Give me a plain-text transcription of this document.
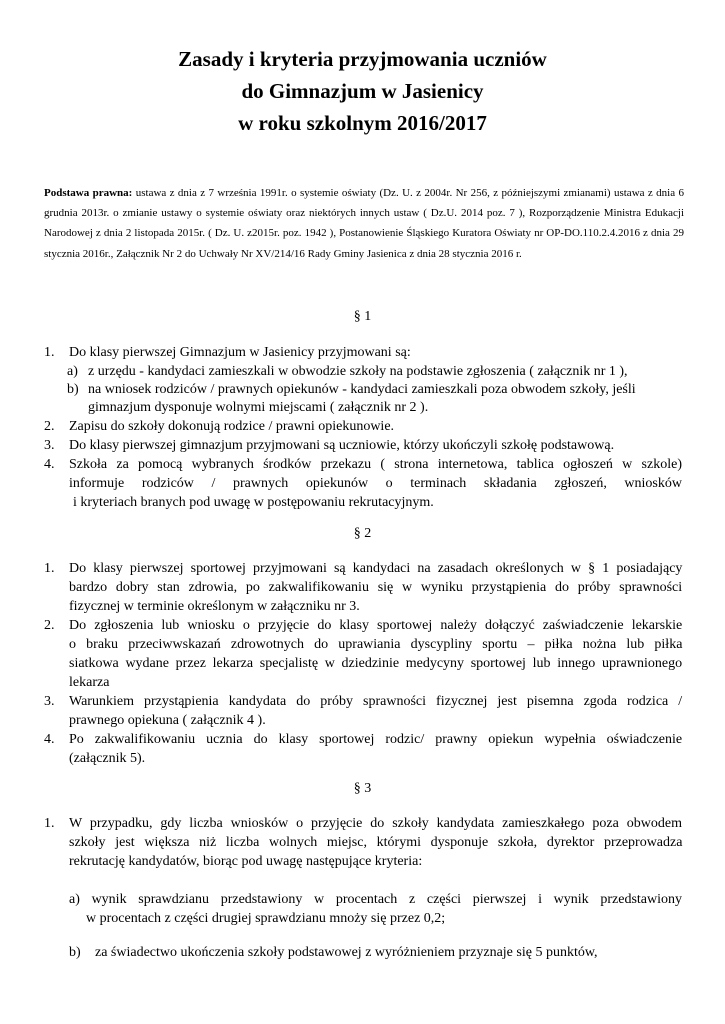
Zasady i kryteria przyjmowania uczniów
do Gimnazjum w Jasienicy
w roku szkolnym 2016/2017
Podstawa prawna: ustawa z dnia z 7 września 1991r. o systemie oświaty (Dz. U. z 2004r. Nr 256, z późniejszymi zmianami) ustawa z dnia 6 grudnia 2013r. o zmianie ustawy o systemie oświaty oraz niektórych innych ustaw ( Dz.U. 2014 poz. 7 ), Rozporządzenie Ministra Edukacji Narodowej z dnia 2 listopada 2015r. ( Dz. U. z2015r. poz. 1942 ), Postanowienie Śląskiego Kuratora Oświaty nr OP-DO.110.2.4.2016 z dnia 29 stycznia 2016r., Załącznik Nr 2 do Uchwały Nr XV/214/16 Rady Gminy Jasienica z dnia 28 stycznia 2016 r.
§ 1
1. Do klasy pierwszej Gimnazjum w Jasienicy przyjmowani są:
a) z urzędu - kandydaci zamieszkali w obwodzie szkoły na podstawie zgłoszenia ( załącznik nr 1 ),
b) na wniosek rodziców / prawnych opiekunów - kandydaci zamieszkali poza obwodem szkoły, jeśli
gimnazjum dysponuje wolnymi miejscami ( załącznik nr 2 ).
2. Zapisu do szkoły dokonują rodzice / prawni opiekunowie.
3. Do klasy pierwszej gimnazjum przyjmowani są uczniowie, którzy ukończyli szkołę podstawową.
4. Szkoła za pomocą wybranych środków przekazu ( strona internetowa, tablica ogłoszeń w szkole)
informuje rodziców / prawnych opiekunów o terminach składania zgłoszeń, wniosków
i kryteriach branych pod uwagę w postępowaniu rekrutacyjnym.
§ 2
1. Do klasy pierwszej sportowej przyjmowani są kandydaci na zasadach określonych w § 1 posiadający
bardzo dobry stan zdrowia, po zakwalifikowaniu się w wyniku przystąpienia do próby sprawności
fizycznej w terminie określonym w załączniku nr 3.
2. Do zgłoszenia lub wniosku o przyjęcie do klasy sportowej należy dołączyć zaświadczenie lekarskie
o braku przeciwwskazań zdrowotnych do uprawiania dyscypliny sportu – piłka nożna lub piłka
siatkowa wydane przez lekarza specjalistę w dziedzinie medycyny sportowej lub innego uprawnionego
lekarza
3. Warunkiem przystąpienia kandydata do próby sprawności fizycznej jest pisemna zgoda rodzica /
prawnego opiekuna ( załącznik 4 ).
4. Po zakwalifikowaniu ucznia do klasy sportowej rodzic/ prawny opiekun wypełnia oświadczenie
(załącznik 5).
§ 3
1. W przypadku, gdy liczba wniosków o przyjęcie do szkoły kandydata zamieszkałego poza obwodem
szkoły jest większa niż liczba wolnych miejsc, którymi dysponuje szkoła, dyrektor przeprowadza
rekrutację kandydatów, biorąc pod uwagę następujące kryteria:
a) wynik sprawdzianu przedstawiony w procentach z części pierwszej i wynik przedstawiony
w procentach z części drugiej sprawdzianu mnoży się przez 0,2;
b) za świadectwo ukończenia szkoły podstawowej z wyróżnieniem przyznaje się 5 punktów,
